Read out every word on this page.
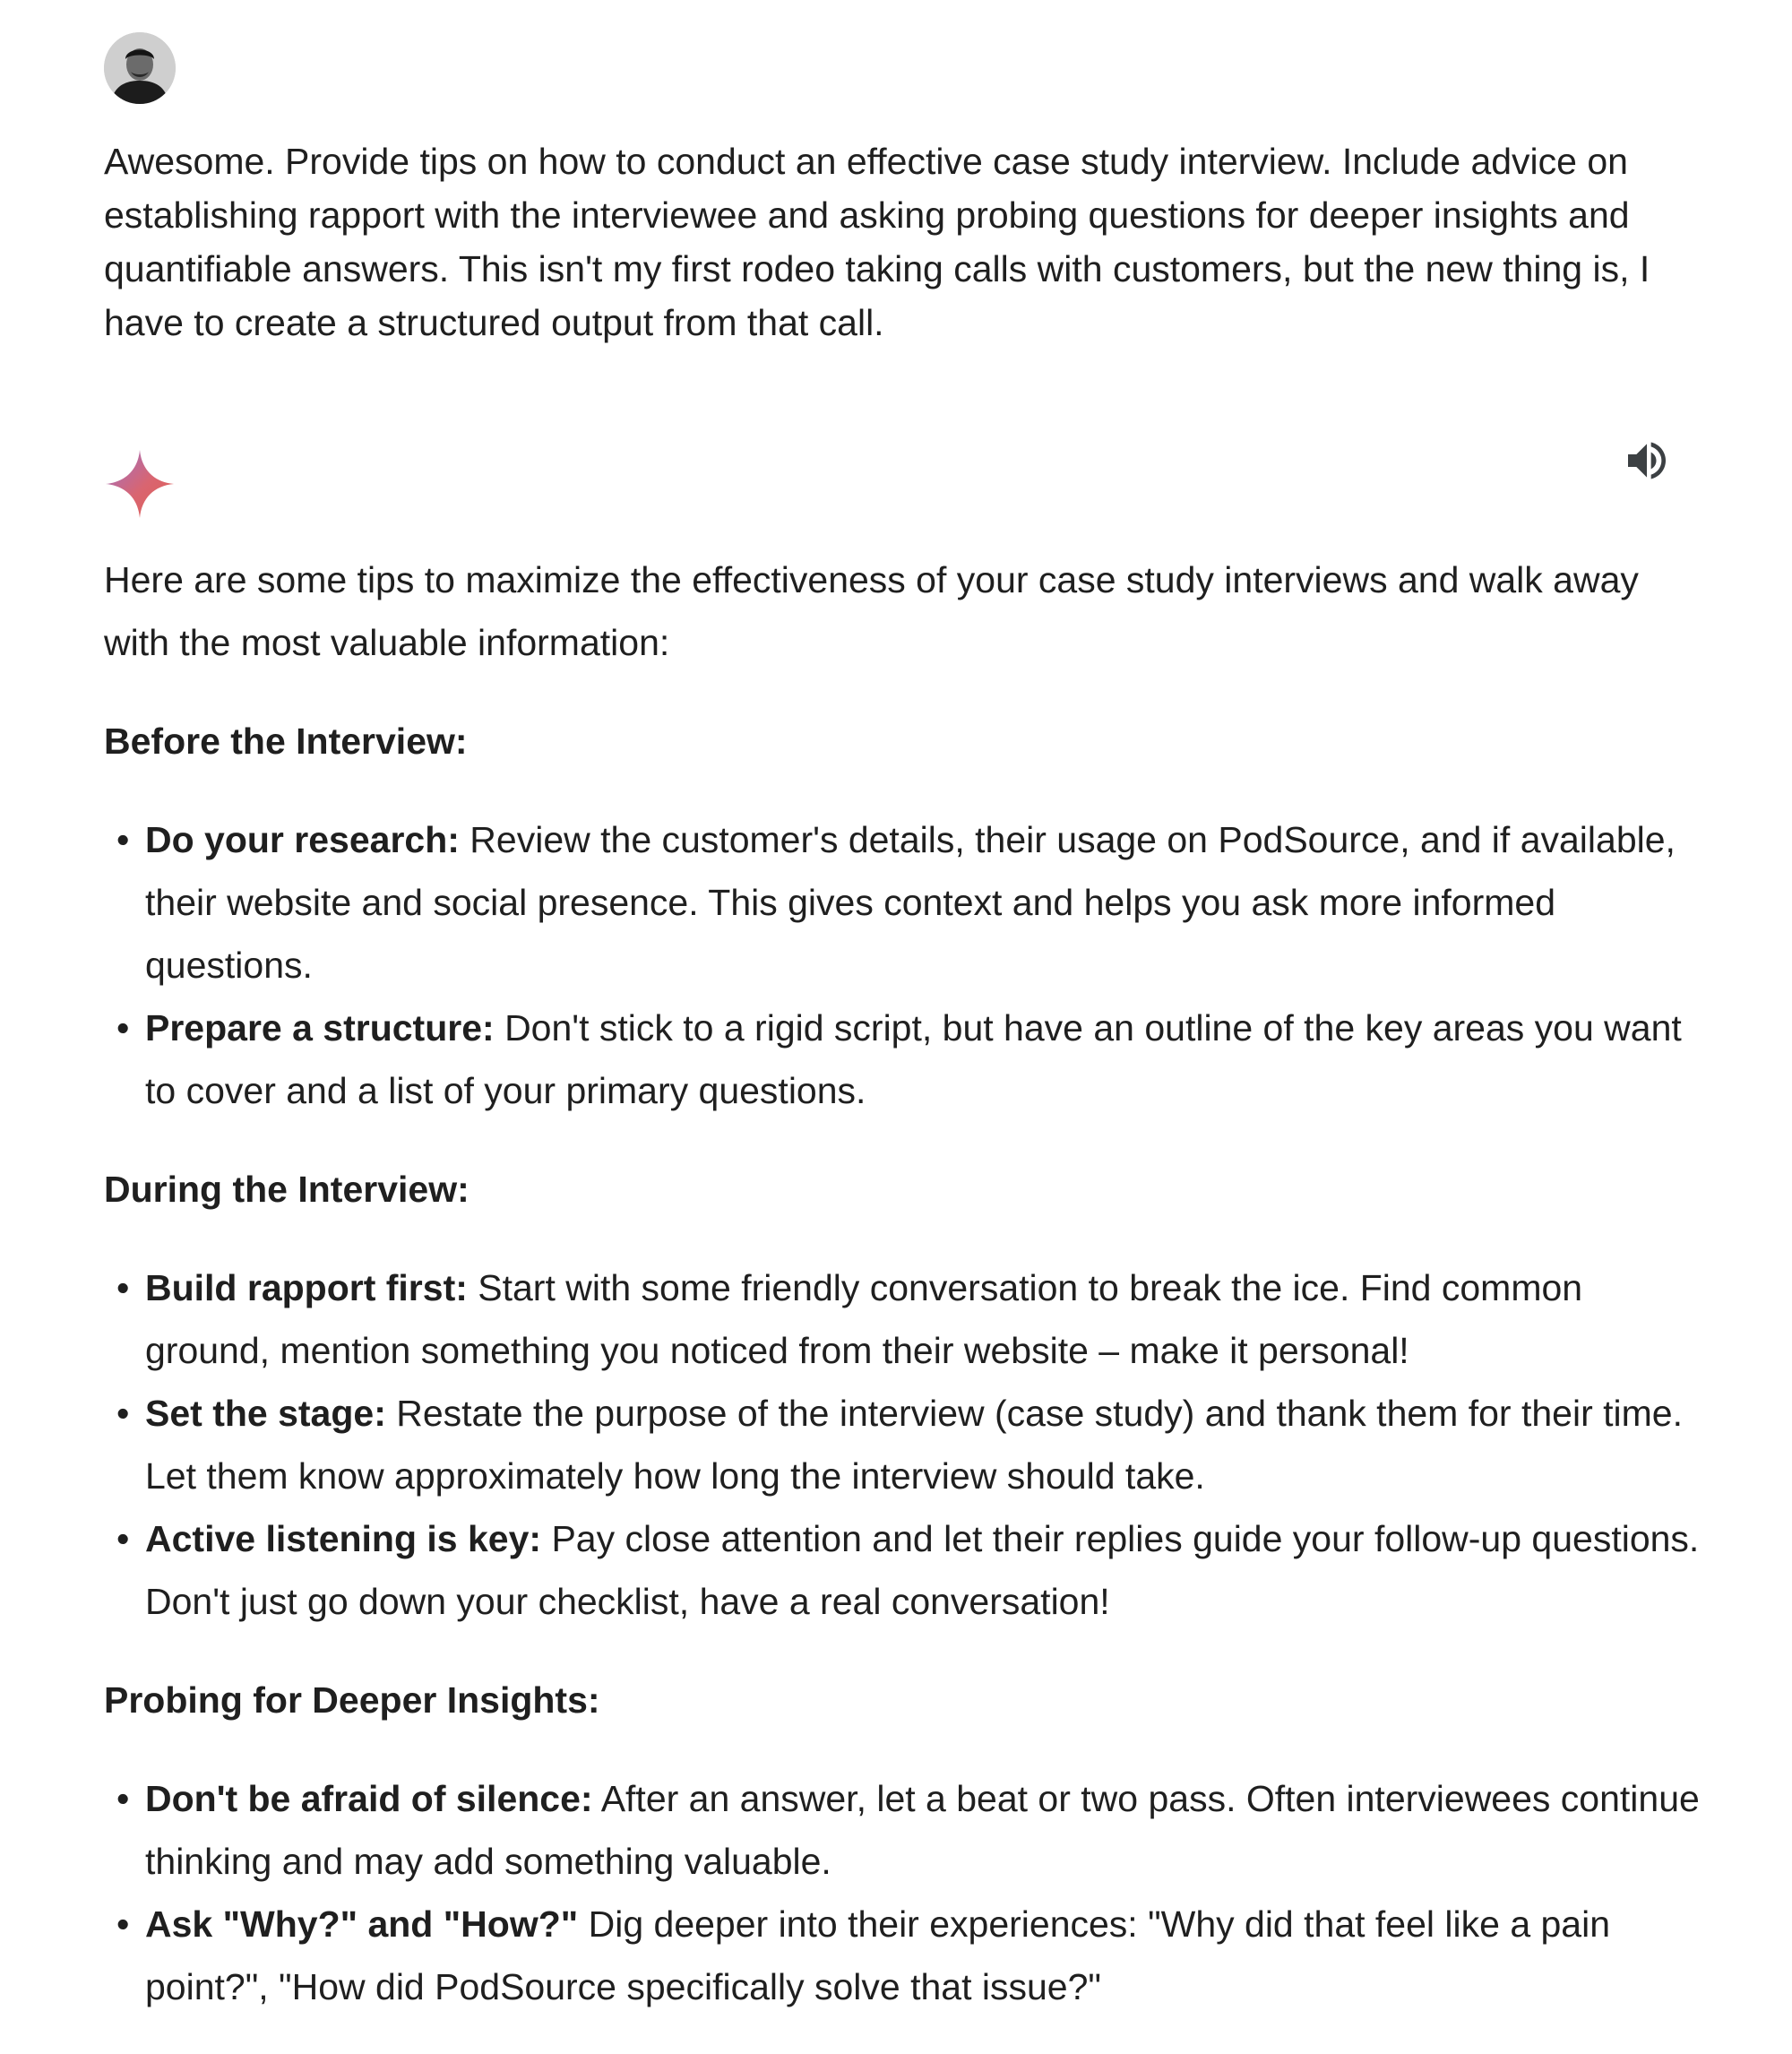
Awesome. Provide tips on how to conduct an effective case study interview. Include advice on establishing rapport with the interviewee and asking probing questions for deeper insights and quantifiable answers. This isn't my first rodeo taking calls with customers, but the new thing is, I have to create a structured output from that call.

Here are some tips to maximize the effectiveness of your case study interviews and walk away with the most valuable information:

Before the Interview:
• Do your research: Review the customer's details, their usage on PodSource, and if available, their website and social presence. This gives context and helps you ask more informed questions.
• Prepare a structure: Don't stick to a rigid script, but have an outline of the key areas you want to cover and a list of your primary questions.
During the Interview:
• Build rapport first: Start with some friendly conversation to break the ice. Find common ground, mention something you noticed from their website – make it personal!
• Set the stage: Restate the purpose of the interview (case study) and thank them for their time. Let them know approximately how long the interview should take.
• Active listening is key: Pay close attention and let their replies guide your follow-up questions. Don't just go down your checklist, have a real conversation!
Probing for Deeper Insights:
• Don't be afraid of silence: After an answer, let a beat or two pass. Often interviewees continue thinking and may add something valuable.
• Ask "Why?" and "How?" Dig deeper into their experiences: "Why did that feel like a pain point?", "How did PodSource specifically solve that issue?"
